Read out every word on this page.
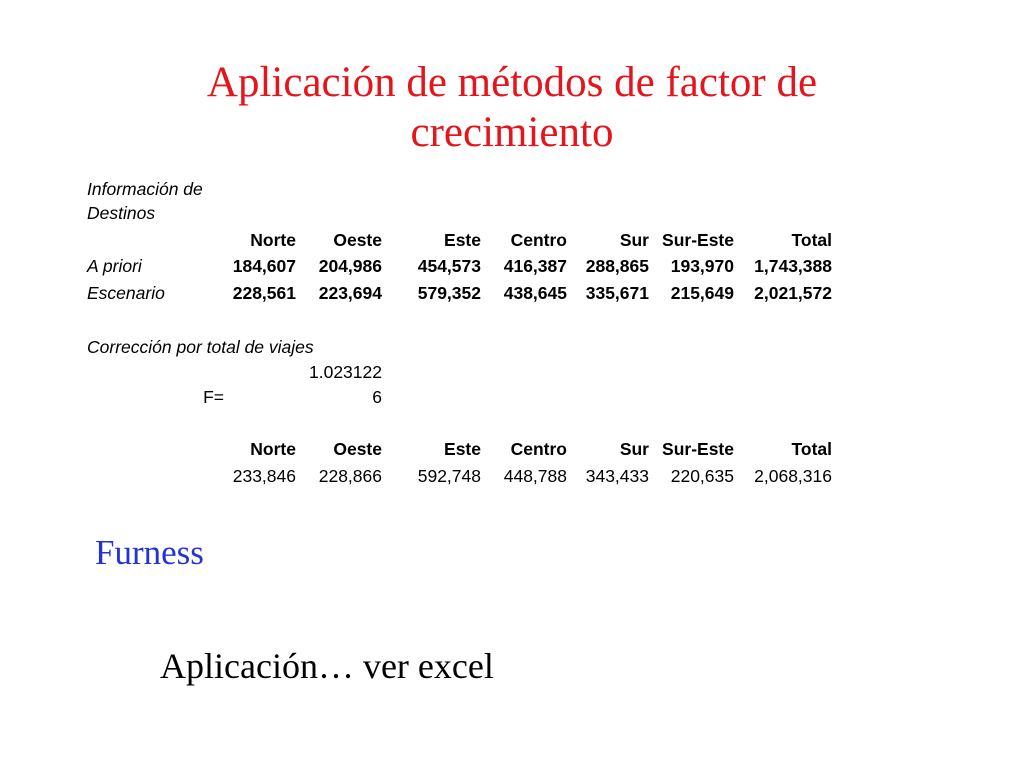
Aplicación de métodos de factor de
crecimiento
Información de
Destinos
Norte Oeste	Este Centro	Sur Sur-Este	Total
A priori	184,607 204,986 454,573 416,387 288,865 193,970 1,743,388
Escenario	228,561 223,694 579,352 438,645 335,671 215,649 2,021,572
Corrección por total de viajes
1.023122
F=	6
Norte Oeste	Este Centro	Sur Sur-Este	Total
233,846 228,866 592,748 448,788 343,433 220,635 2,068,316
Furness
Aplicación… ver excel
